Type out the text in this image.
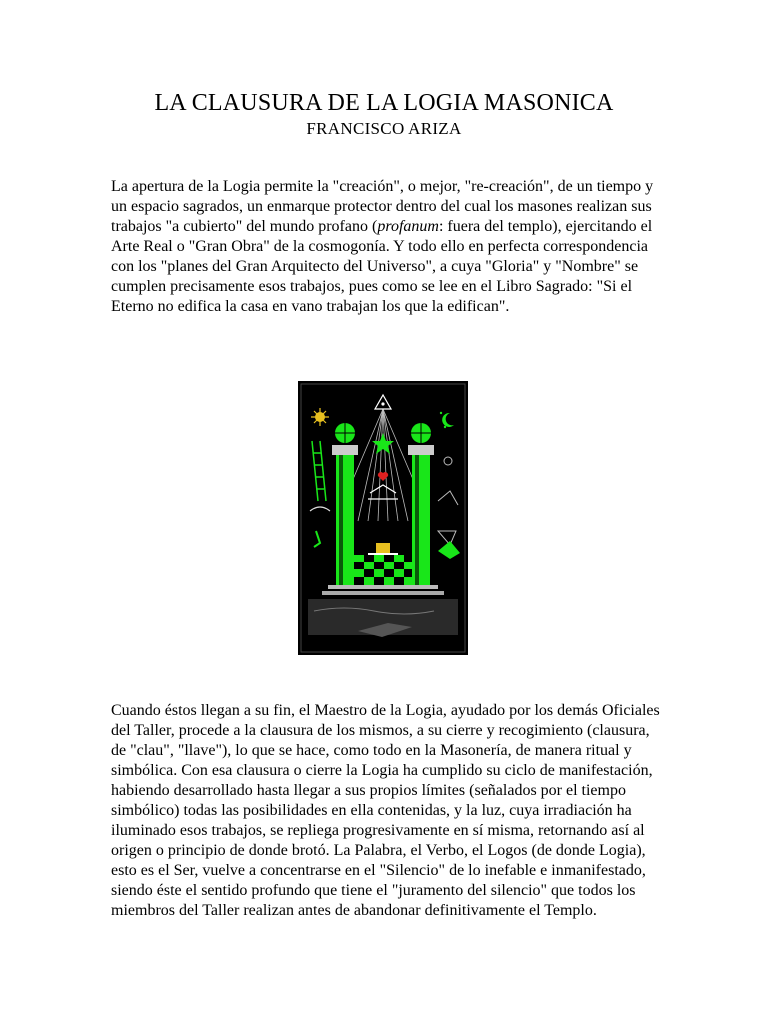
LA CLAUSURA DE LA LOGIA MASONICA
FRANCISCO ARIZA

La apertura de la Logia permite la "creación", o mejor, "re-creación", de un tiempo y un espacio sagrados, un enmarque protector dentro del cual los masones realizan sus trabajos "a cubierto" del mundo profano (profanum: fuera del templo), ejercitando el Arte Real o "Gran Obra" de la cosmogonía. Y todo ello en perfecta correspondencia con los "planes del Gran Arquitecto del Universo", a cuya "Gloria" y "Nombre" se cumplen precisamente esos trabajos, pues como se lee en el Libro Sagrado: "Si el Eterno no edifica la casa en vano trabajan los que la edifican".

Cuando éstos llegan a su fin, el Maestro de la Logia, ayudado por los demás Oficiales del Taller, procede a la clausura de los mismos, a su cierre y recogimiento (clausura, de "clau", "llave"), lo que se hace, como todo en la Masonería, de manera ritual y simbólica. Con esa clausura o cierre la Logia ha cumplido su ciclo de manifestación, habiendo desarrollado hasta llegar a sus propios límites (señalados por el tiempo simbólico) todas las posibilidades en ella contenidas, y la luz, cuya irradiación ha iluminado esos trabajos, se repliega progresivamente en sí misma, retornando así al origen o principio de donde brotó. La Palabra, el Verbo, el Logos (de donde Logia), esto es el Ser, vuelve a concentrarse en el "Silencio" de lo inefable e inmanifestado, siendo éste el sentido profundo que tiene el "juramento del silencio" que todos los miembros del Taller realizan antes de abandonar definitivamente el Templo.
